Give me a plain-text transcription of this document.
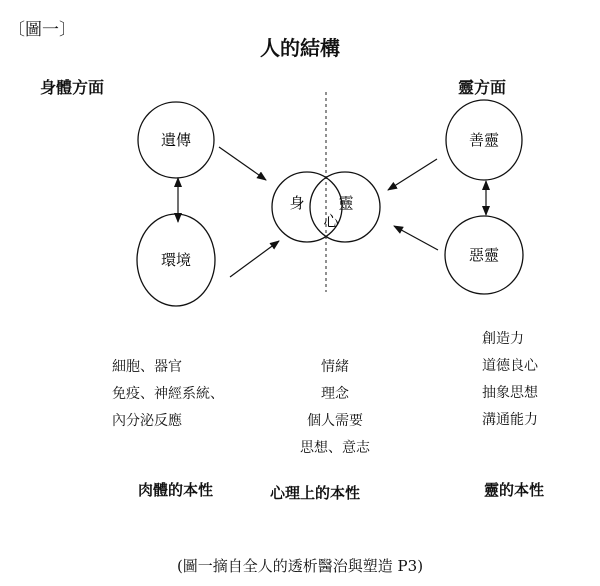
〔圖一〕
人的結構
身體方面	靈方面
遺傳
環境
善靈
惡靈
身 靈
心
細胞、器官
免疫、神經系統、
內分泌反應
情緒
理念
個人需要
思想、意志
創造力
道德良心
抽象思想
溝通能力
肉體的本性	心理上的本性	靈的本性
(圖一摘自全人的透析醫治與塑造 P3)
